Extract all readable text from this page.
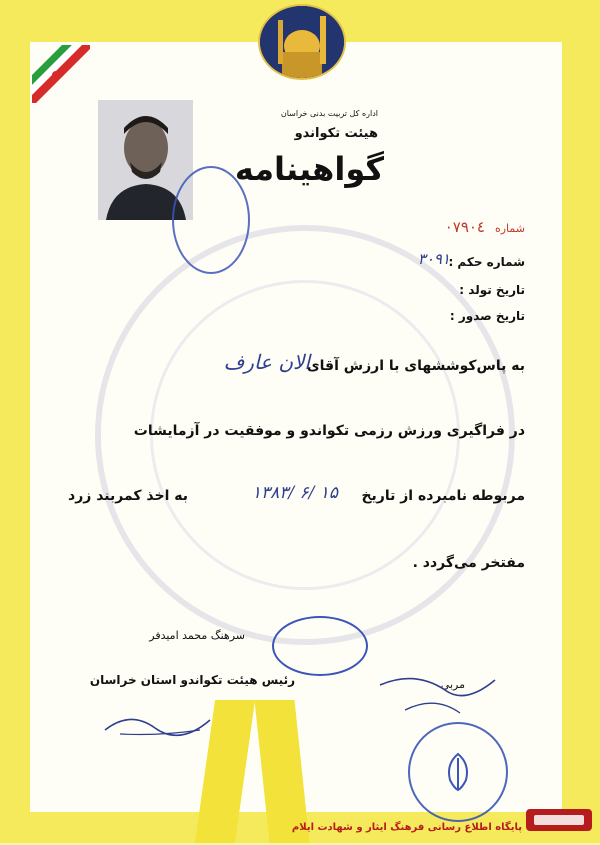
اداره کل تربیت بدنی خراسان
هیئت تکواندو
گواهینامه
شماره
۰۷۹۰٤
شماره حکم :
۳۰۹۱
تاریخ تولد :
تاریخ صدور :
به پاس‌کوششهای با ارزش آقای
الان عارف
در فراگیری ورزش رزمی تکواندو و موفقیت در آزمایشات
مربوطه نامبرده از تاریخ
۱۳۸۳/ ۶/ ۱۵
به اخذ کمربند زرد
مفتخر می‌گردد .
سرهنگ محمد امیدفر
رئیس هیئت تکواندو استان خراسان	مربی
پایگاه اطلاع رسانی فرهنگ ایثار و شهادت ایلام
